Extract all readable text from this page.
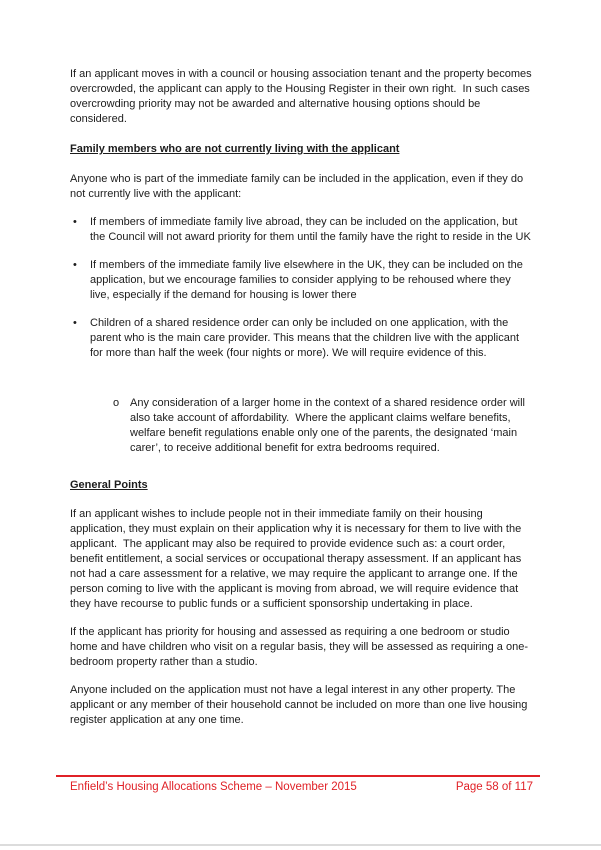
If an applicant moves in with a council or housing association tenant and the property becomes overcrowded, the applicant can apply to the Housing Register in their own right.  In such cases overcrowding priority may not be awarded and alternative housing options should be considered.
Family members who are not currently living with the applicant
Anyone who is part of the immediate family can be included in the application, even if they do not currently live with the applicant:
•	If members of immediate family live abroad, they can be included on the application, but the Council will not award priority for them until the family have the right to reside in the UK
•	If members of the immediate family live elsewhere in the UK, they can be included on the application, but we encourage families to consider applying to be rehoused where they live, especially if the demand for housing is lower there
•	Children of a shared residence order can only be included on one application, with the parent who is the main care provider. This means that the children live with the applicant for more than half the week (four nights or more). We will require evidence of this.
o Any consideration of a larger home in the context of a shared residence order will also take account of affordability.  Where the applicant claims welfare benefits, welfare benefit regulations enable only one of the parents, the designated ‘main carer’, to receive additional benefit for extra bedrooms required.
General Points
If an applicant wishes to include people not in their immediate family on their housing application, they must explain on their application why it is necessary for them to live with the applicant.  The applicant may also be required to provide evidence such as: a court order, benefit entitlement, a social services or occupational therapy assessment. If an applicant has not had a care assessment for a relative, we may require the applicant to arrange one. If the person coming to live with the applicant is moving from abroad, we will require evidence that they have recourse to public funds or a sufficient sponsorship undertaking in place.
If the applicant has priority for housing and assessed as requiring a one bedroom or studio home and have children who visit on a regular basis, they will be assessed as requiring a one-bedroom property rather than a studio.
Anyone included on the application must not have a legal interest in any other property. The applicant or any member of their household cannot be included on more than one live housing register application at any one time.
Enfield’s Housing Allocations Scheme – November 2015	Page 58 of 117
